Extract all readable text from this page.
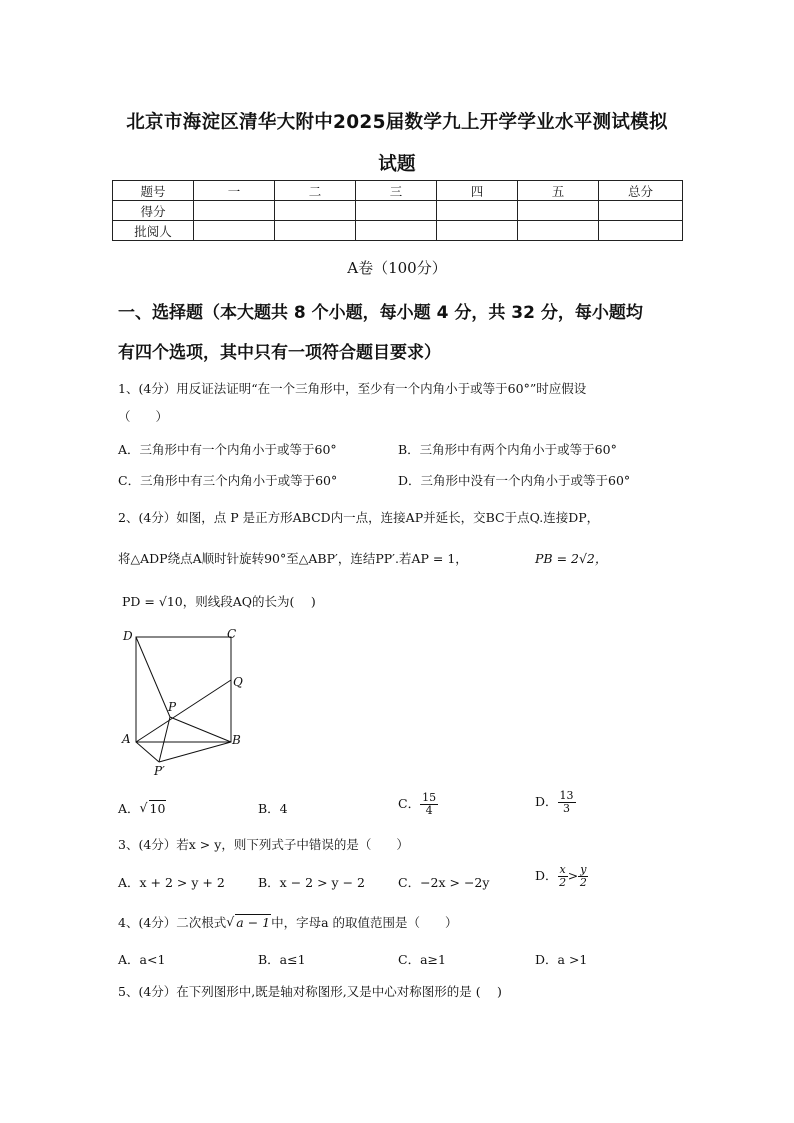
北京市海淀区清华大附中2025届数学九上开学学业水平测试模拟
试题
题号	一	二	三	四	五	总分
得分						
批阅人						
A卷（100分）
一、选择题（本大题共 8 个小题，每小题 4 分，共 32 分，每小题均
有四个选项，其中只有一项符合题目要求）
1、(4分）用反证法证明“在一个三角形中，至少有一个内角小于或等于60°”时应假设
（　　）
A．三角形中有一个内角小于或等于60°	B．三角形中有两个内角小于或等于60°
C．三角形中有三个内角小于或等于60°	D．三角形中没有一个内角小于或等于60°
2、(4分）如图，点 P 是正方形ABCD内一点，连接AP并延长，交BC于点Q.连接DP，
将△ADP绕点A顺时针旋转90°至△ABP′，连结PP′.若AP = 1，	PB = 2√2，
PD = √10，则线段AQ的长为(　 )
D	C
Q
P
A	B
P′
A． √ 10	B．4	C． $\frac{15}{4}$	D． $\frac{13}{3}$
3、(4分）若x > y，则下列式子中错误的是（　　）
A．x + 2 > y + 2	B．x − 2 > y − 2	C．−2x > −2y	D． $\frac{x}{2} > \frac{y}{2}$
4、(4分）二次根式 √ a − 1中，字母a 的取值范围是（　　）
A．a<1	B．a≤1	C．a≥1	D．a >1
5、(4分）在下列图形中,既是轴对称图形,又是中心对称图形的是 (　 )
